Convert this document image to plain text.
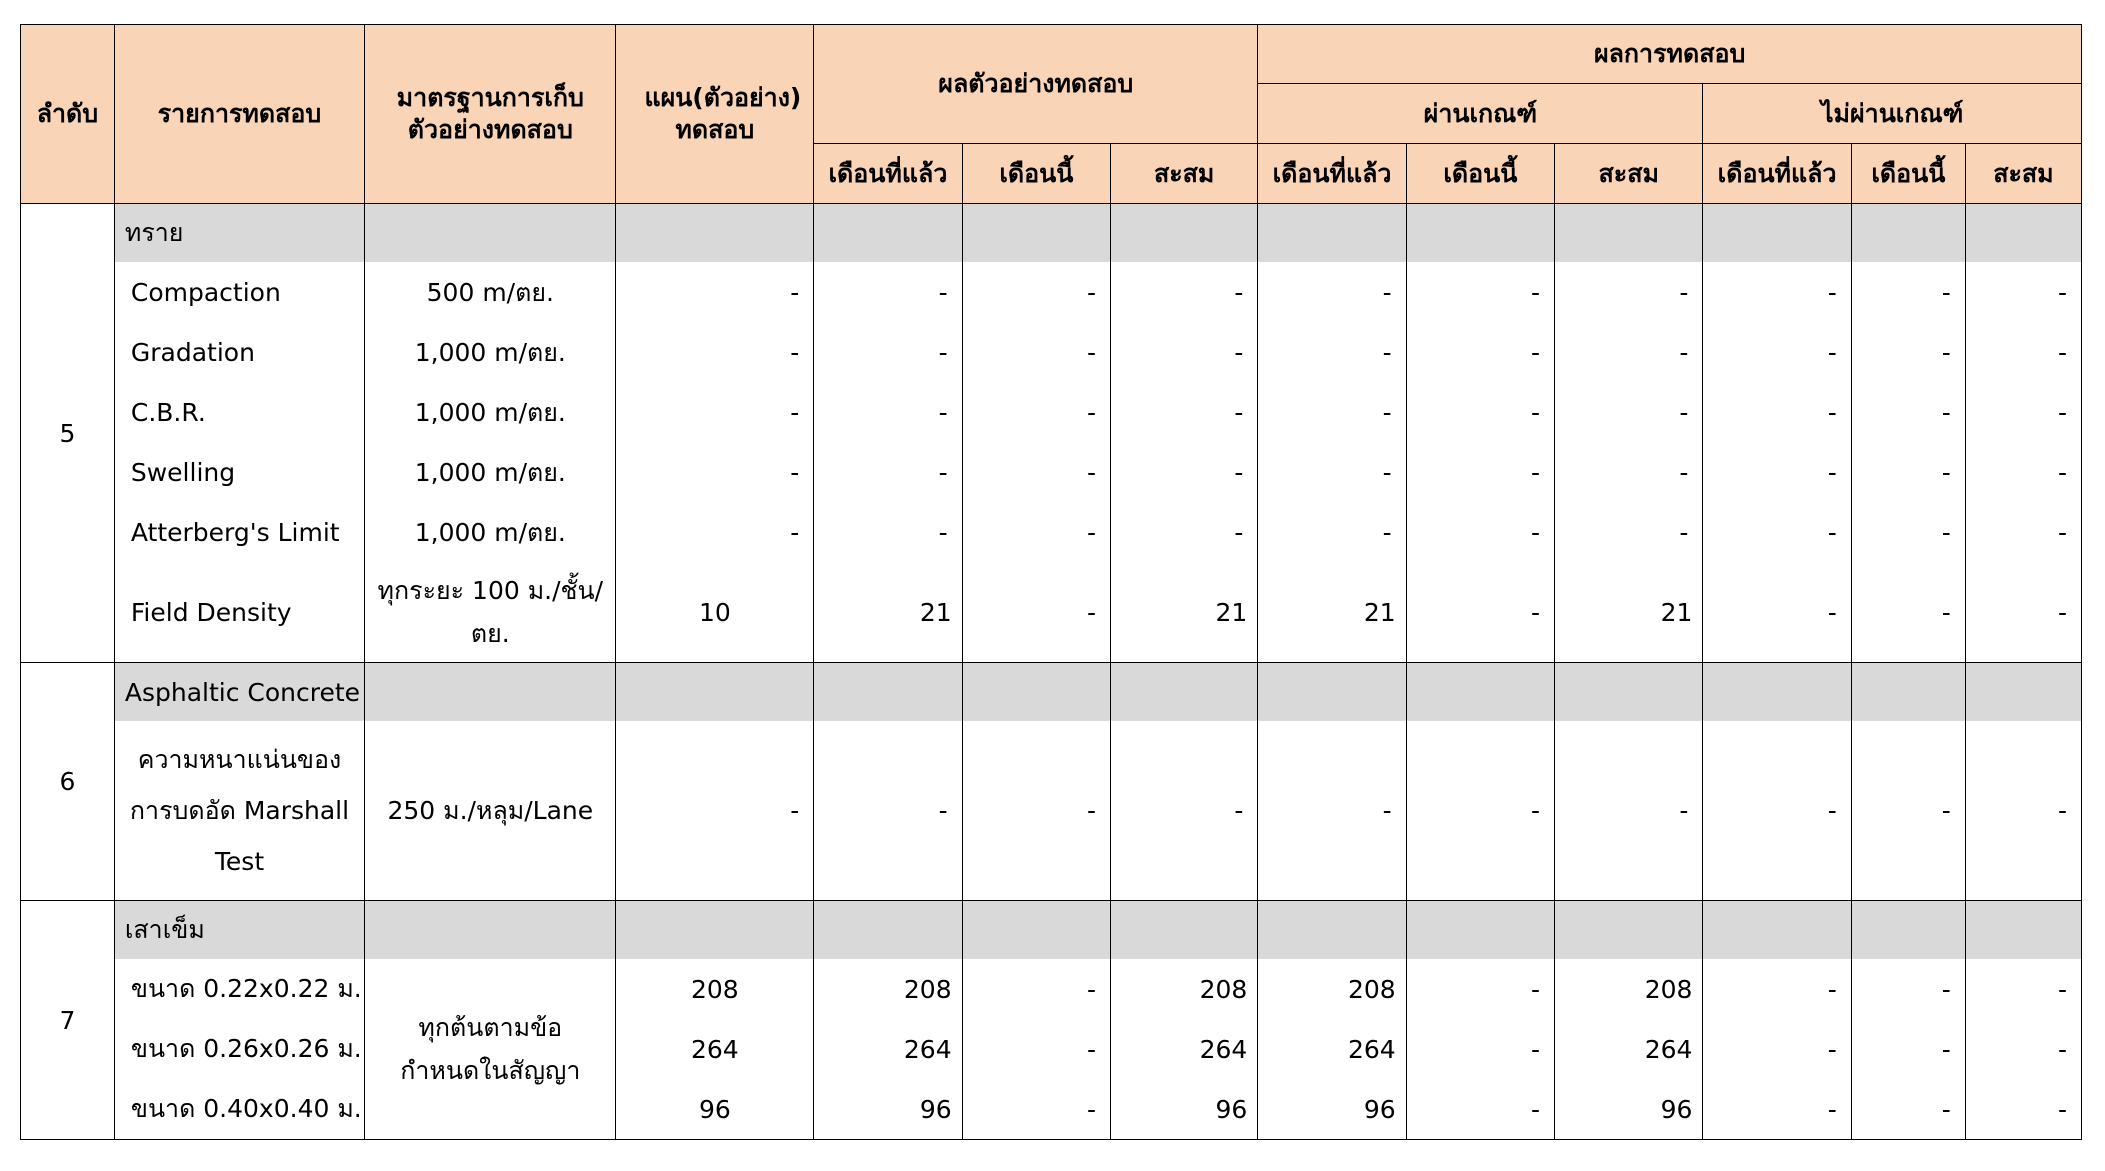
ลำดับ	รายการทดสอบ	มาตรฐานการเก็บตัวอย่างทดสอบ	แผน(ตัวอย่าง) ทดสอบ	ผลตัวอย่างทดสอบ			ผลการทดสอบ					
							ผ่านเกณฑ์			ไม่ผ่านเกณฑ์		
				เดือนที่แล้ว	เดือนนี้	สะสม	เดือนที่แล้ว	เดือนนี้	สะสม	เดือนที่แล้ว	เดือนนี้	สะสม
5	ทราย											
	Compaction	500 m/ตย.	-	-	-	-	-	-	-	-	-	-
	Gradation	1,000 m/ตย.	-	-	-	-	-	-	-	-	-	-
	C.B.R.	1,000 m/ตย.	-	-	-	-	-	-	-	-	-	-
	Swelling	1,000 m/ตย.	-	-	-	-	-	-	-	-	-	-
	Atterberg's Limit	1,000 m/ตย.	-	-	-	-	-	-	-	-	-	-
	Field Density	ทุกระยะ 100 ม./ชั้น/ตย.	10	21	-	21	21	-	21	-	-	-
6	Asphaltic Concrete											
	ความหนาแน่นของการบดอัด Marshall Test	250 ม./หลุม/Lane	-	-	-	-	-	-	-	-	-	-
7	เสาเข็ม											
	ขนาด 0.22x0.22 ม.	ทุกต้นตามข้อกำหนดในสัญญา	208	208	-	208	208	-	208	-	-	-
	ขนาด 0.26x0.26 ม.		264	264	-	264	264	-	264	-	-	-
	ขนาด 0.40x0.40 ม.		96	96	-	96	96	-	96	-	-	-
